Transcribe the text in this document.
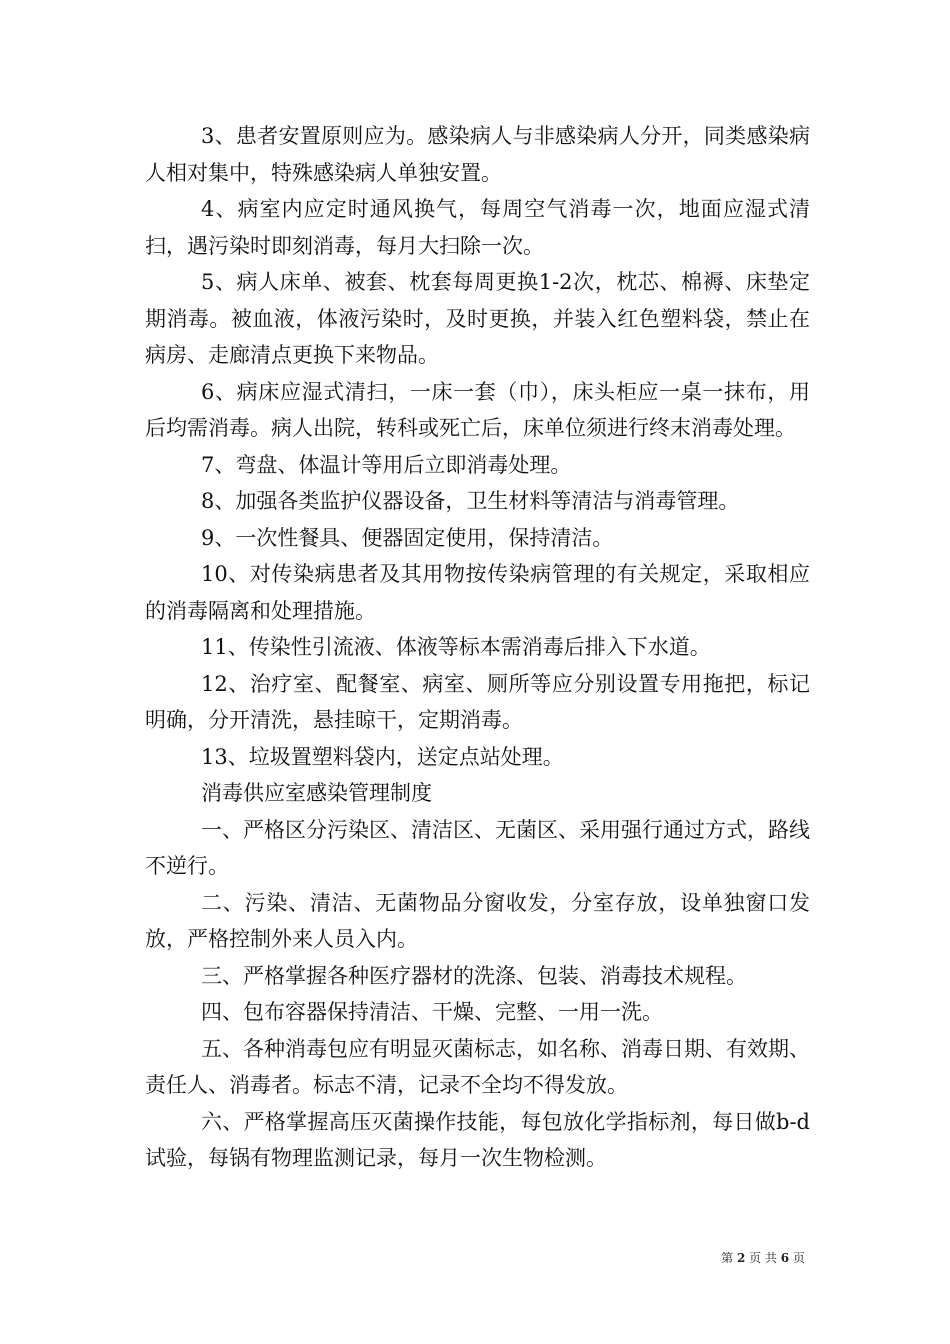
3、患者安置原则应为。感染病人与非感染病人分开，同类感染病人相对集中，特殊感染病人单独安置。

4、病室内应定时通风换气，每周空气消毒一次，地面应湿式清扫，遇污染时即刻消毒，每月大扫除一次。

5、病人床单、被套、枕套每周更换1-2次，枕芯、棉褥、床垫定期消毒。被血液，体液污染时，及时更换，并装入红色塑料袋，禁止在病房、走廊清点更换下来物品。

6、病床应湿式清扫，一床一套（巾），床头柜应一桌一抹布，用后均需消毒。病人出院，转科或死亡后，床单位须进行终末消毒处理。

7、弯盘、体温计等用后立即消毒处理。

8、加强各类监护仪器设备，卫生材料等清洁与消毒管理。

9、一次性餐具、便器固定使用，保持清洁。

10、对传染病患者及其用物按传染病管理的有关规定，采取相应的消毒隔离和处理措施。

11、传染性引流液、体液等标本需消毒后排入下水道。

12、治疗室、配餐室、病室、厕所等应分别设置专用拖把，标记明确，分开清洗，悬挂晾干，定期消毒。

13、垃圾置塑料袋内，送定点站处理。

消毒供应室感染管理制度

一、严格区分污染区、清洁区、无菌区、采用强行通过方式，路线不逆行。

二、污染、清洁、无菌物品分窗收发，分室存放，设单独窗口发放，严格控制外来人员入内。

三、严格掌握各种医疗器材的洗涤、包装、消毒技术规程。

四、包布容器保持清洁、干燥、完整、一用一洗。

五、各种消毒包应有明显灭菌标志，如名称、消毒日期、有效期、责任人、消毒者。标志不清，记录不全均不得发放。

六、严格掌握高压灭菌操作技能，每包放化学指标剂，每日做b-d试验，每锅有物理监测记录，每月一次生物检测。

第 2 页 共 6 页
